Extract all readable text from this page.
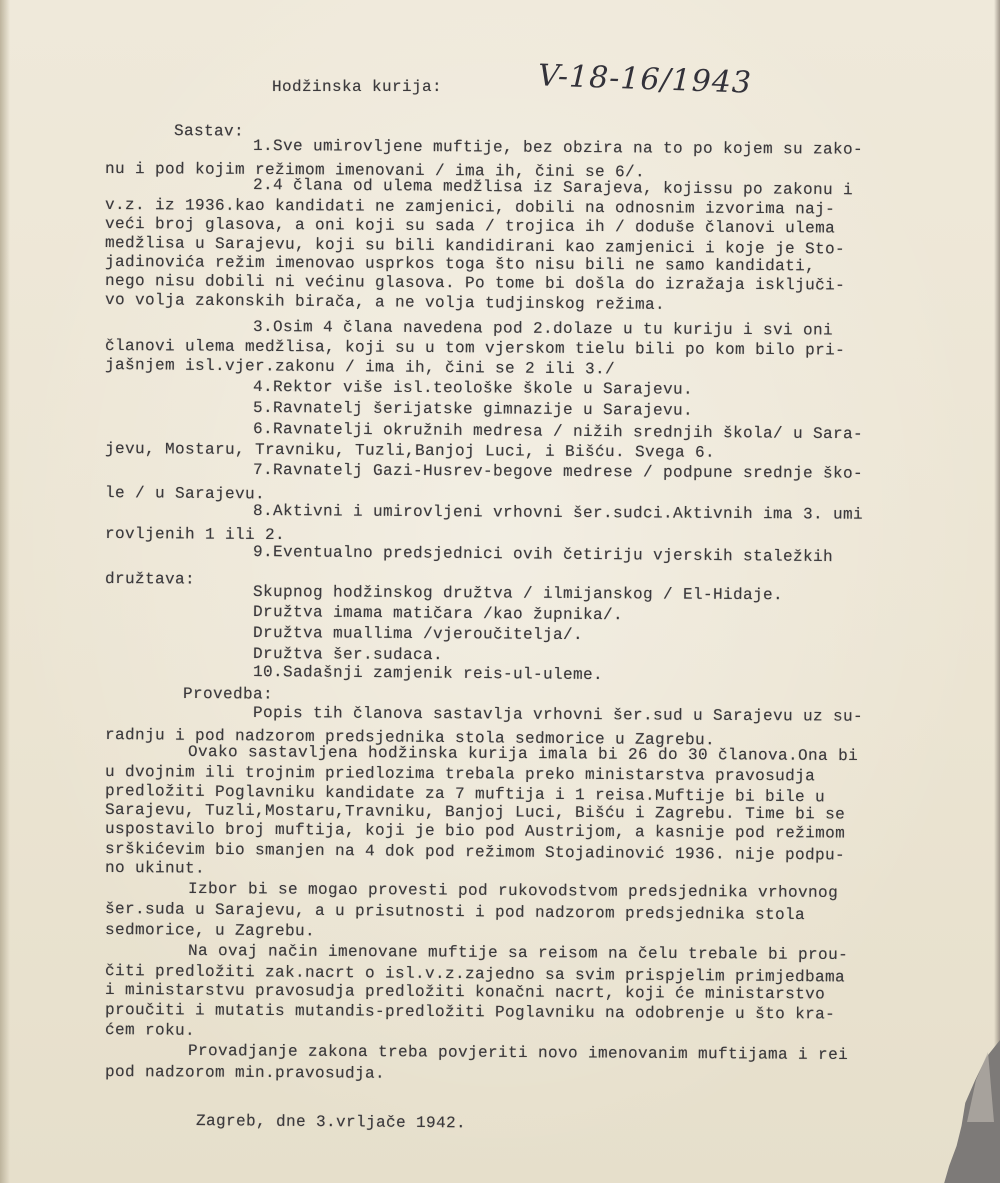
Hodžinska kurija:	V-18-16/1943
Sastav:
1.Sve umirovljene muftije, bez obzira na to po kojem su zako-
nu i pod kojim režimom imenovani / ima ih, čini se 6/.
2.4 člana od ulema medžlisa iz Sarajeva, kojissu po zakonu i
v.z. iz 1936.kao kandidati ne zamjenici, dobili na odnosnim izvorima naj-
veći broj glasova, a oni koji su sada / trojica ih / doduše članovi ulema
medžlisa u Sarajevu, koji su bili kandidirani kao zamjenici i koje je Sto-
jadinovića režim imenovao usprkos toga što nisu bili ne samo kandidati,
nego nisu dobili ni većinu glasova. Po tome bi došla do izražaja isključi-
vo volja zakonskih birača, a ne volja tudjinskog režima.
3.Osim 4 člana navedena pod 2.dolaze u tu kuriju i svi oni
članovi ulema medžlisa, koji su u tom vjerskom tielu bili po kom bilo pri-
jašnjem isl.vjer.zakonu / ima ih, čini se 2 ili 3./
4.Rektor više isl.teološke škole u Sarajevu.
5.Ravnatelj šerijatske gimnazije u Sarajevu.
6.Ravnatelji okružnih medresa / nižih srednjih škola/ u Sara-
jevu, Mostaru, Travniku, Tuzli,Banjoj Luci, i Bišću. Svega 6.
7.Ravnatelj Gazi-Husrev-begove medrese / podpune srednje ško-
le / u Sarajevu.
8.Aktivni i umirovljeni vrhovni šer.sudci.Aktivnih ima 3. umi
rovljenih 1 ili 2.
9.Eventualno predsjednici ovih četiriju vjerskih staležkih
družtava:
Skupnog hodžinskog družtva / ilmijanskog / El-Hidaje.
Družtva imama matičara /kao župnika/.
Družtva muallima /vjeroučitelja/.
Družtva šer.sudaca.
10.Sadašnji zamjenik reis-ul-uleme.
Provedba:
Popis tih članova sastavlja vrhovni šer.sud u Sarajevu uz su-
radnju i pod nadzorom predsjednika stola sedmorice u Zagrebu.
Ovako sastavljena hodžinska kurija imala bi 26 do 30 članova.Ona bi
u dvojnim ili trojnim priedlozima trebala preko ministarstva pravosudja
predložiti Poglavniku kandidate za 7 muftija i 1 reisa.Muftije bi bile u
Sarajevu, Tuzli,Mostaru,Travniku, Banjoj Luci, Bišću i Zagrebu. Time bi se
uspostavilo broj muftija, koji je bio pod Austrijom, a kasnije pod režimom
srškićevim bio smanjen na 4 dok pod režimom Stojadinović 1936. nije podpu-
no ukinut.
Izbor bi se mogao provesti pod rukovodstvom predsjednika vrhovnog
šer.suda u Sarajevu, a u prisutnosti i pod nadzorom predsjednika stola
sedmorice, u Zagrebu.
Na ovaj način imenovane muftije sa reisom na čelu trebale bi prou-
čiti predložiti zak.nacrt o isl.v.z.zajedno sa svim prispjelim primjedbama
i ministarstvu pravosudja predložiti konačni nacrt, koji će ministarstvo
proučiti i mutatis mutandis-predložiti Poglavniku na odobrenje u što kra-
ćem roku.
Provadjanje zakona treba povjeriti novo imenovanim muftijama i rei
pod nadzorom min.pravosudja.
Zagreb, dne 3.vrljače 1942.
